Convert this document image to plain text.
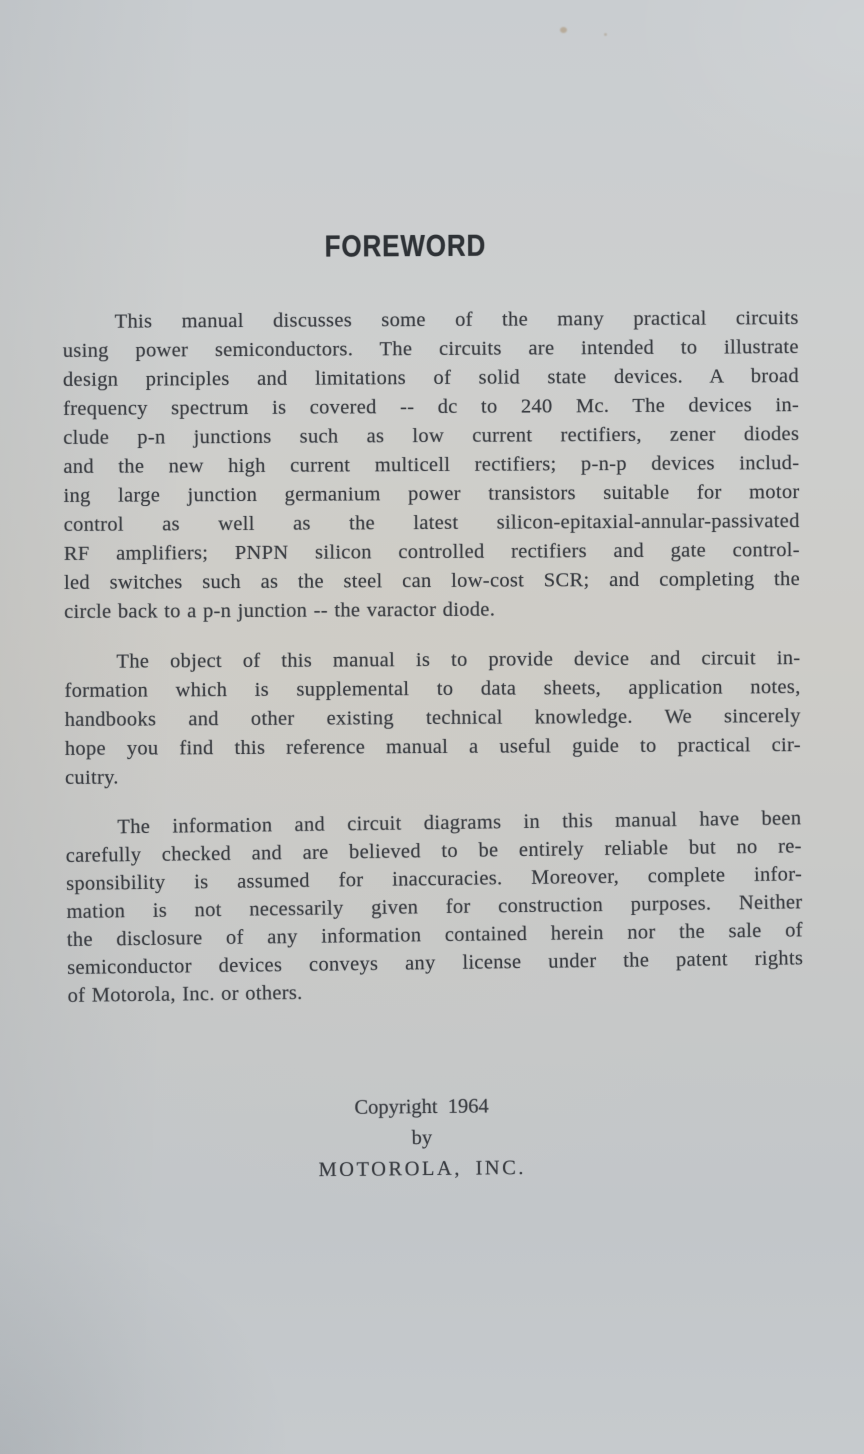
FOREWORD
This manual discusses some of the many practical circuits
using power semiconductors. The circuits are intended to illustrate
design principles and limitations of solid state devices. A broad
frequency spectrum is covered -- dc to 240 Mc. The devices in-
clude p-n junctions such as low current rectifiers, zener diodes
and the new high current multicell rectifiers; p-n-p devices includ-
ing large junction germanium power transistors suitable for motor
control as well as the latest silicon-epitaxial-annular-passivated
RF amplifiers; PNPN silicon controlled rectifiers and gate control-
led switches such as the steel can low-cost SCR; and completing the
circle back to a p-n junction -- the varactor diode.
The object of this manual is to provide device and circuit in-
formation which is supplemental to data sheets, application notes,
handbooks and other existing technical knowledge. We sincerely
hope you find this reference manual a useful guide to practical cir-
cuitry.
The information and circuit diagrams in this manual have been
carefully checked and are believed to be entirely reliable but no re-
sponsibility is assumed for inaccuracies. Moreover, complete infor-
mation is not necessarily given for construction purposes. Neither
the disclosure of any information contained herein nor the sale of
semiconductor devices conveys any license under the patent rights
of Motorola, Inc. or others.
Copyright 1964
by
MOTOROLA, INC.
